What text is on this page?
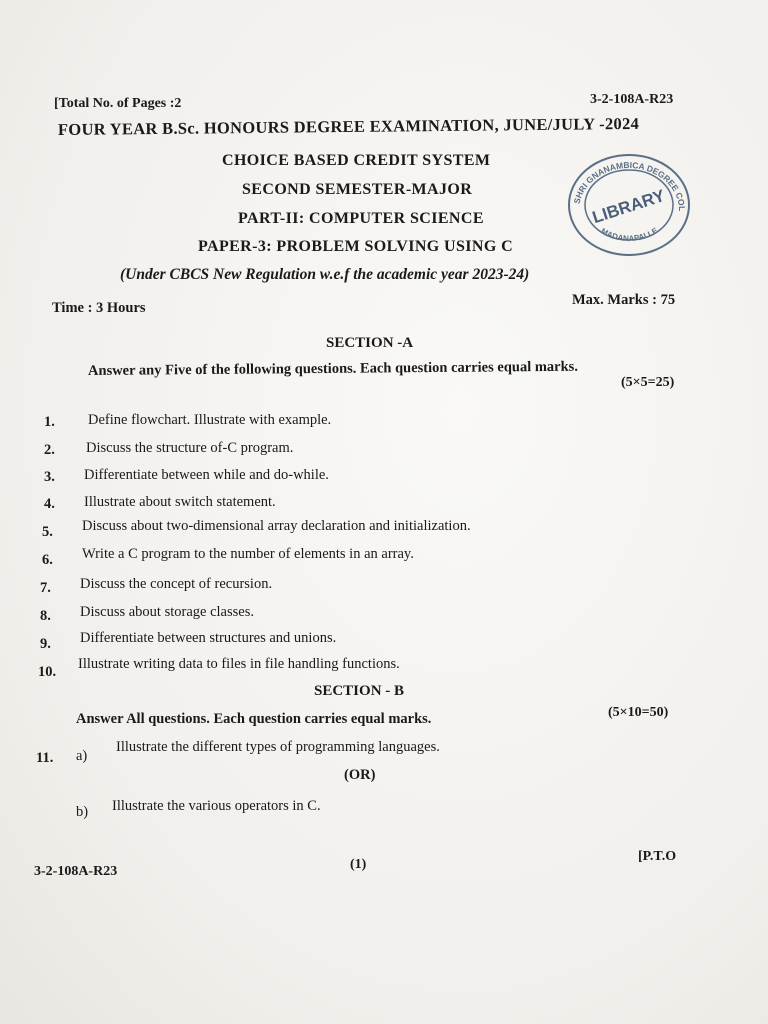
[Total No. of Pages :2	3-2-108A-R23
FOUR YEAR B.Sc. HONOURS DEGREE EXAMINATION, JUNE/JULY -2024
CHOICE BASED CREDIT SYSTEM
SECOND SEMESTER-MAJOR
PART-II: COMPUTER SCIENCE
PAPER-3: PROBLEM SOLVING USING C
(Under CBCS New Regulation w.e.f the academic year 2023-24)
SHRI GNANAMBICA DEGREE COL
MADANAPALLE
LIBRARY
Time : 3 Hours	Max. Marks : 75
SECTION -A
Answer any Five of the following questions. Each question carries equal marks.
(5×5=25)
1. Define flowchart. Illustrate with example.
2. Discuss the structure of-C program.
3. Differentiate between while and do-while.
4. Illustrate about switch statement.
5. Discuss about two-dimensional array declaration and initialization.
6. Write a C program to the number of elements in an array.
7. Discuss the concept of recursion.
8. Discuss about storage classes.
9. Differentiate between structures and unions.
10. Illustrate writing data to files in file handling functions.
SECTION - B
Answer All questions. Each question carries equal marks.	(5×10=50)
11. a)
Illustrate the different types of programming languages.
(OR)
b) Illustrate the various operators in C.
3-2-108A-R23	(1)
[P.T.O
